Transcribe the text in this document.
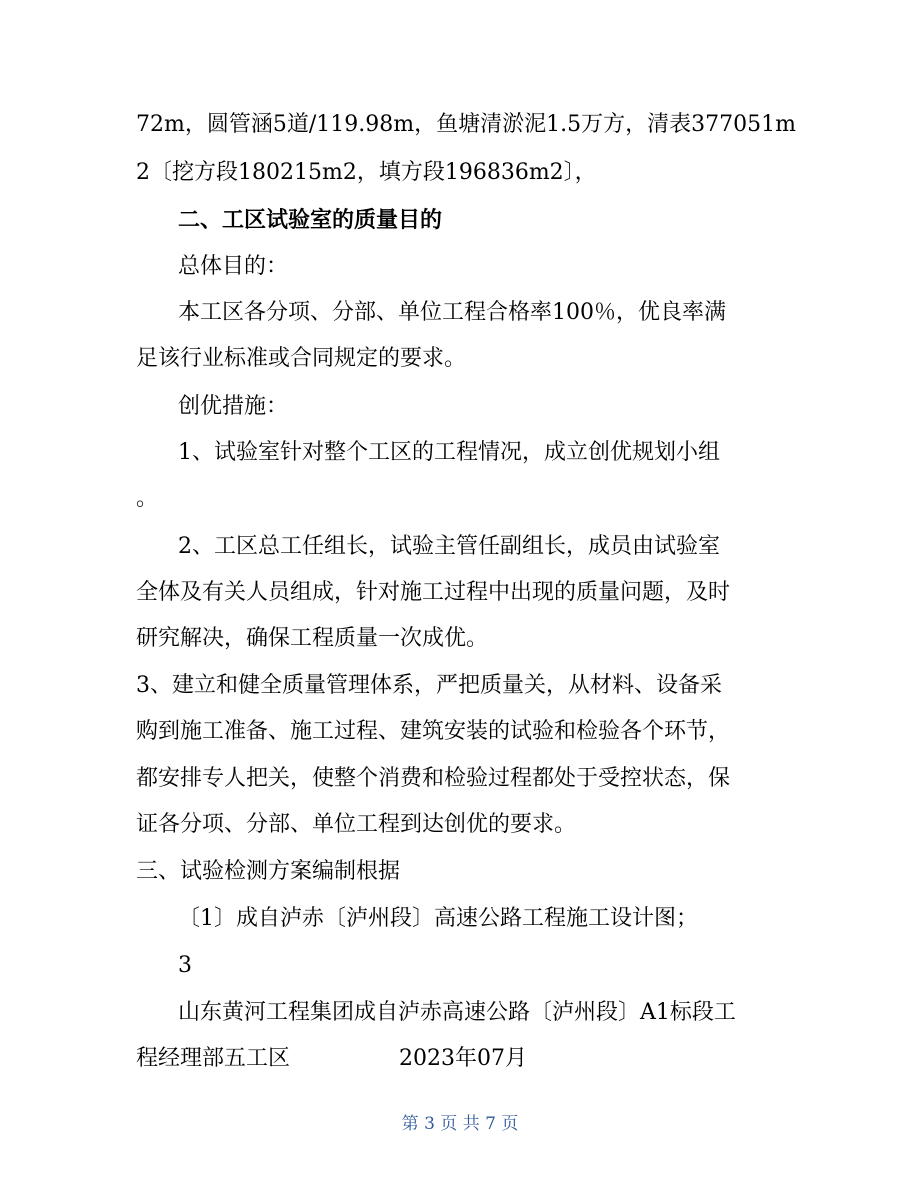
72m，圆管涵5道/119.98m，鱼塘清淤泥1.5万方，清表377051m
2〔挖方段180215m2，填方段196836m2〕，
二、工区试验室的质量目的
总体目的：
本工区各分项、分部、单位工程合格率100％，优良率满
足该行业标准或合同规定的要求。
创优措施：
1、试验室针对整个工区的工程情况，成立创优规划小组
。
2、工区总工任组长，试验主管任副组长，成员由试验室
全体及有关人员组成，针对施工过程中出现的质量问题，及时
研究解决，确保工程质量一次成优。
3、建立和健全质量管理体系，严把质量关，从材料、设备采
购到施工准备、施工过程、建筑安装的试验和检验各个环节，
都安排专人把关，使整个消费和检验过程都处于受控状态，保
证各分项、分部、单位工程到达创优的要求。
三、试验检测方案编制根据
〔1〕成自泸赤〔泸州段〕高速公路工程施工设计图；
3
山东黄河工程集团成自泸赤高速公路〔泸州段〕A1标段工
程经理部五工区	2023年07月
第 3 页 共 7 页
